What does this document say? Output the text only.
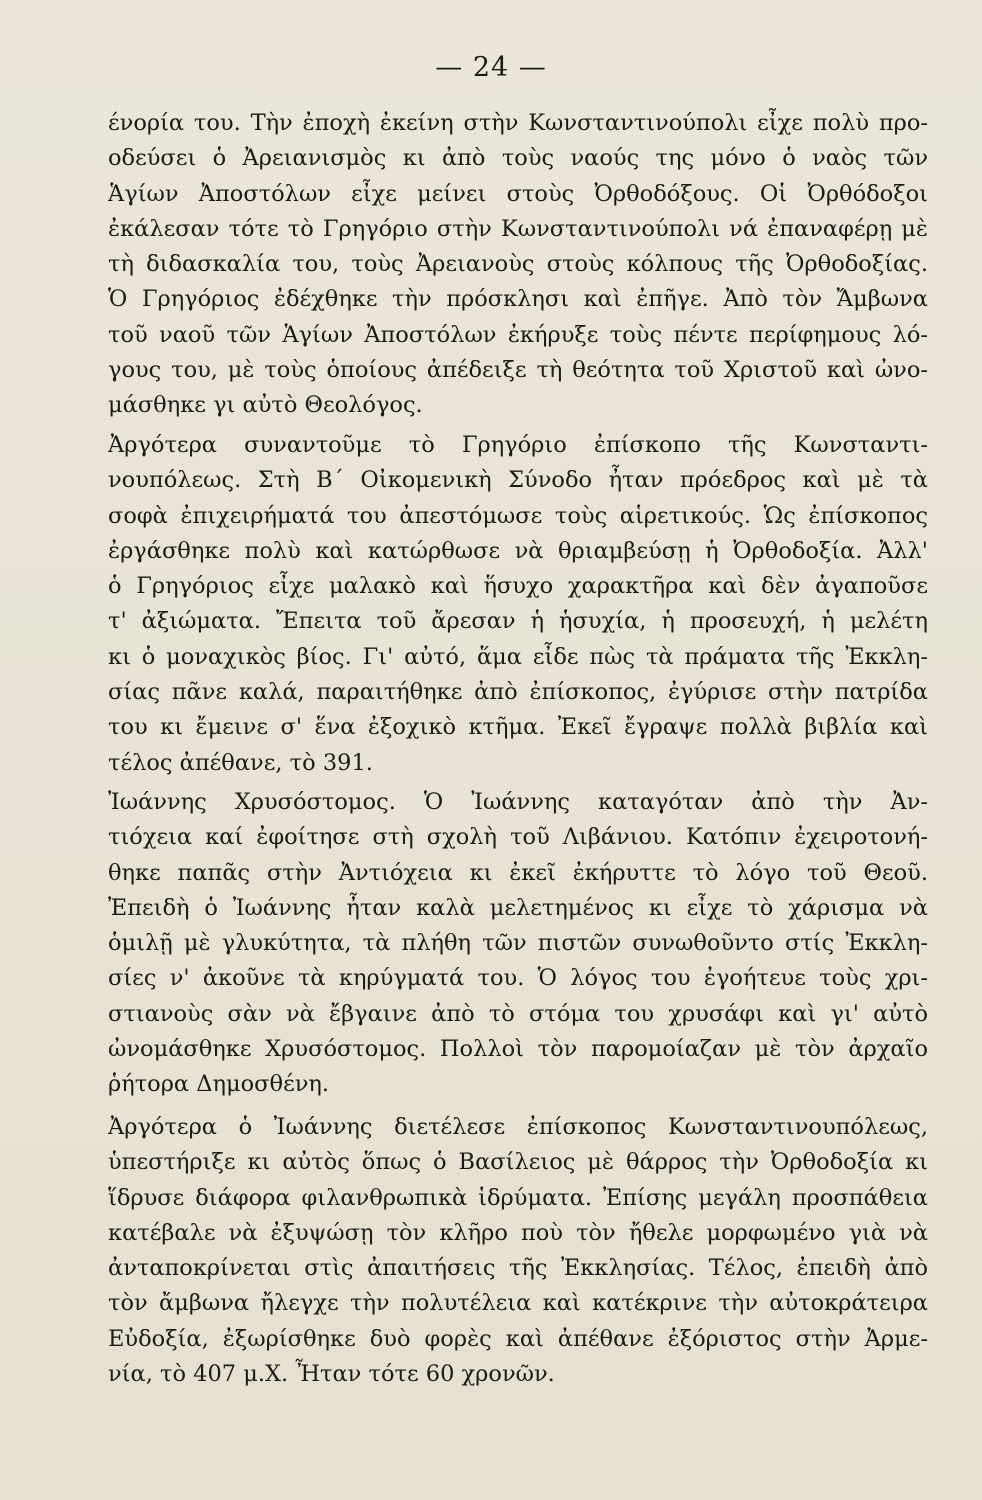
— 24 —
ένορία του. Τὴν ἐποχὴ ἐκείνη στὴν Κωνσταντινούπολι εἶχε πολὺ προ-
οδεύσει ὁ Ἀρειανισμὸς κι ἀπὸ τοὺς ναούς της μόνο ὁ ναὸς τῶν
Ἁγίων Ἀποστόλων εἶχε μείνει στοὺς Ὀρθοδόξους. Οἱ Ὀρθόδοξοι
ἐκάλεσαν τότε τὸ Γρηγόριο στὴν Κωνσταντινούπολι νά ἐπαναφέρῃ μὲ
τὴ διδασκαλία του, τοὺς Ἀρειανοὺς στοὺς κόλπους τῆς Ὀρθοδοξίας.
Ὁ Γρηγόριος ἐδέχθηκε τὴν πρόσκλησι καὶ ἐπῆγε. Ἀπὸ τὸν Ἄμβωνα
τοῦ ναοῦ τῶν Ἁγίων Ἀποστόλων ἐκήρυξε τοὺς πέντε περίφημους λό-
γους του, μὲ τοὺς ὁποίους ἀπέδειξε τὴ θεότητα τοῦ Χριστοῦ καὶ ὠνο-
μάσθηκε γι αὐτὸ Θεολόγος.
Ἀργότερα συναντοῦμε τὸ Γρηγόριο ἐπίσκοπο τῆς Κωνσταντι-
νουπόλεως. Στὴ Β΄ Οἰκομενικὴ Σύνοδο ἦταν πρόεδρος καὶ μὲ τὰ
σοφὰ ἐπιχειρήματά του ἀπεστόμωσε τοὺς αἱρετικούς. Ὡς ἐπίσκοπος
ἐργάσθηκε πολὺ καὶ κατώρθωσε νὰ θριαμβεύσῃ ἡ Ὀρθοδοξία. Ἀλλ'
ὁ Γρηγόριος εἶχε μαλακὸ καὶ ἥσυχο χαρακτῆρα καὶ δὲν ἀγαποῦσε
τ' ἀξιώματα. Ἔπειτα τοῦ ἄρεσαν ἡ ἡσυχία, ἡ προσευχή, ἡ μελέτη
κι ὁ μοναχικὸς βίος. Γι' αὐτό, ἅμα εἶδε πὼς τὰ πράματα τῆς Ἐκκλη-
σίας πᾶνε καλά, παραιτήθηκε ἀπὸ ἐπίσκοπος, ἐγύρισε στὴν πατρίδα
του κι ἔμεινε σ' ἕνα ἐξοχικὸ κτῆμα. Ἐκεῖ ἔγραψε πολλὰ βιβλία καὶ
τέλος ἀπέθανε, τὸ 391.
Ἰωάννης Χρυσόστομος. Ὁ Ἰωάννης καταγόταν ἀπὸ τὴν Ἀν-
τιόχεια καί ἐφοίτησε στὴ σχολὴ τοῦ Λιβάνιου. Κατόπιν ἐχειροτονή-
θηκε παπᾶς στὴν Ἀντιόχεια κι ἐκεῖ ἐκήρυττε τὸ λόγο τοῦ Θεοῦ.
Ἐπειδὴ ὁ Ἰωάννης ἦταν καλὰ μελετημένος κι εἶχε τὸ χάρισμα νὰ
ὁμιλῇ μὲ γλυκύτητα, τὰ πλήθη τῶν πιστῶν συνωθοῦντο στίς Ἐκκλη-
σίες ν' ἀκοῦνε τὰ κηρύγματά του. Ὁ λόγος του ἐγοήτευε τοὺς χρι-
στιανοὺς σὰν νὰ ἔβγαινε ἀπὸ τὸ στόμα του χρυσάφι καὶ γι' αὐτὸ
ὠνομάσθηκε Χρυσόστομος. Πολλοὶ τὸν παρομοίαζαν μὲ τὸν ἀρχαῖο
ῥήτορα Δημοσθένη.
Ἀργότερα ὁ Ἰωάννης διετέλεσε ἐπίσκοπος Κωνσταντινουπόλεως,
ὑπεστήριξε κι αὐτὸς ὅπως ὁ Βασίλειος μὲ θάρρος τὴν Ὀρθοδοξία κι
ἵδρυσε διάφορα φιλανθρωπικὰ ἱδρύματα. Ἐπίσης μεγάλη προσπάθεια
κατέβαλε νὰ ἐξυψώσῃ τὸν κλῆρο ποὺ τὸν ἤθελε μορφωμένο γιὰ νὰ
ἀνταποκρίνεται στὶς ἀπαιτήσεις τῆς Ἐκκλησίας. Τέλος, ἐπειδὴ ἀπὸ
τὸν ἄμβωνα ἤλεγχε τὴν πολυτέλεια καὶ κατέκρινε τὴν αὐτοκράτειρα
Εὐδοξία, ἐξωρίσθηκε δυὸ φορὲς καὶ ἀπέθανε ἐξόριστος στὴν Ἀρμε-
νία, τὸ 407 μ.Χ. Ἦταν τότε 60 χρονῶν.
